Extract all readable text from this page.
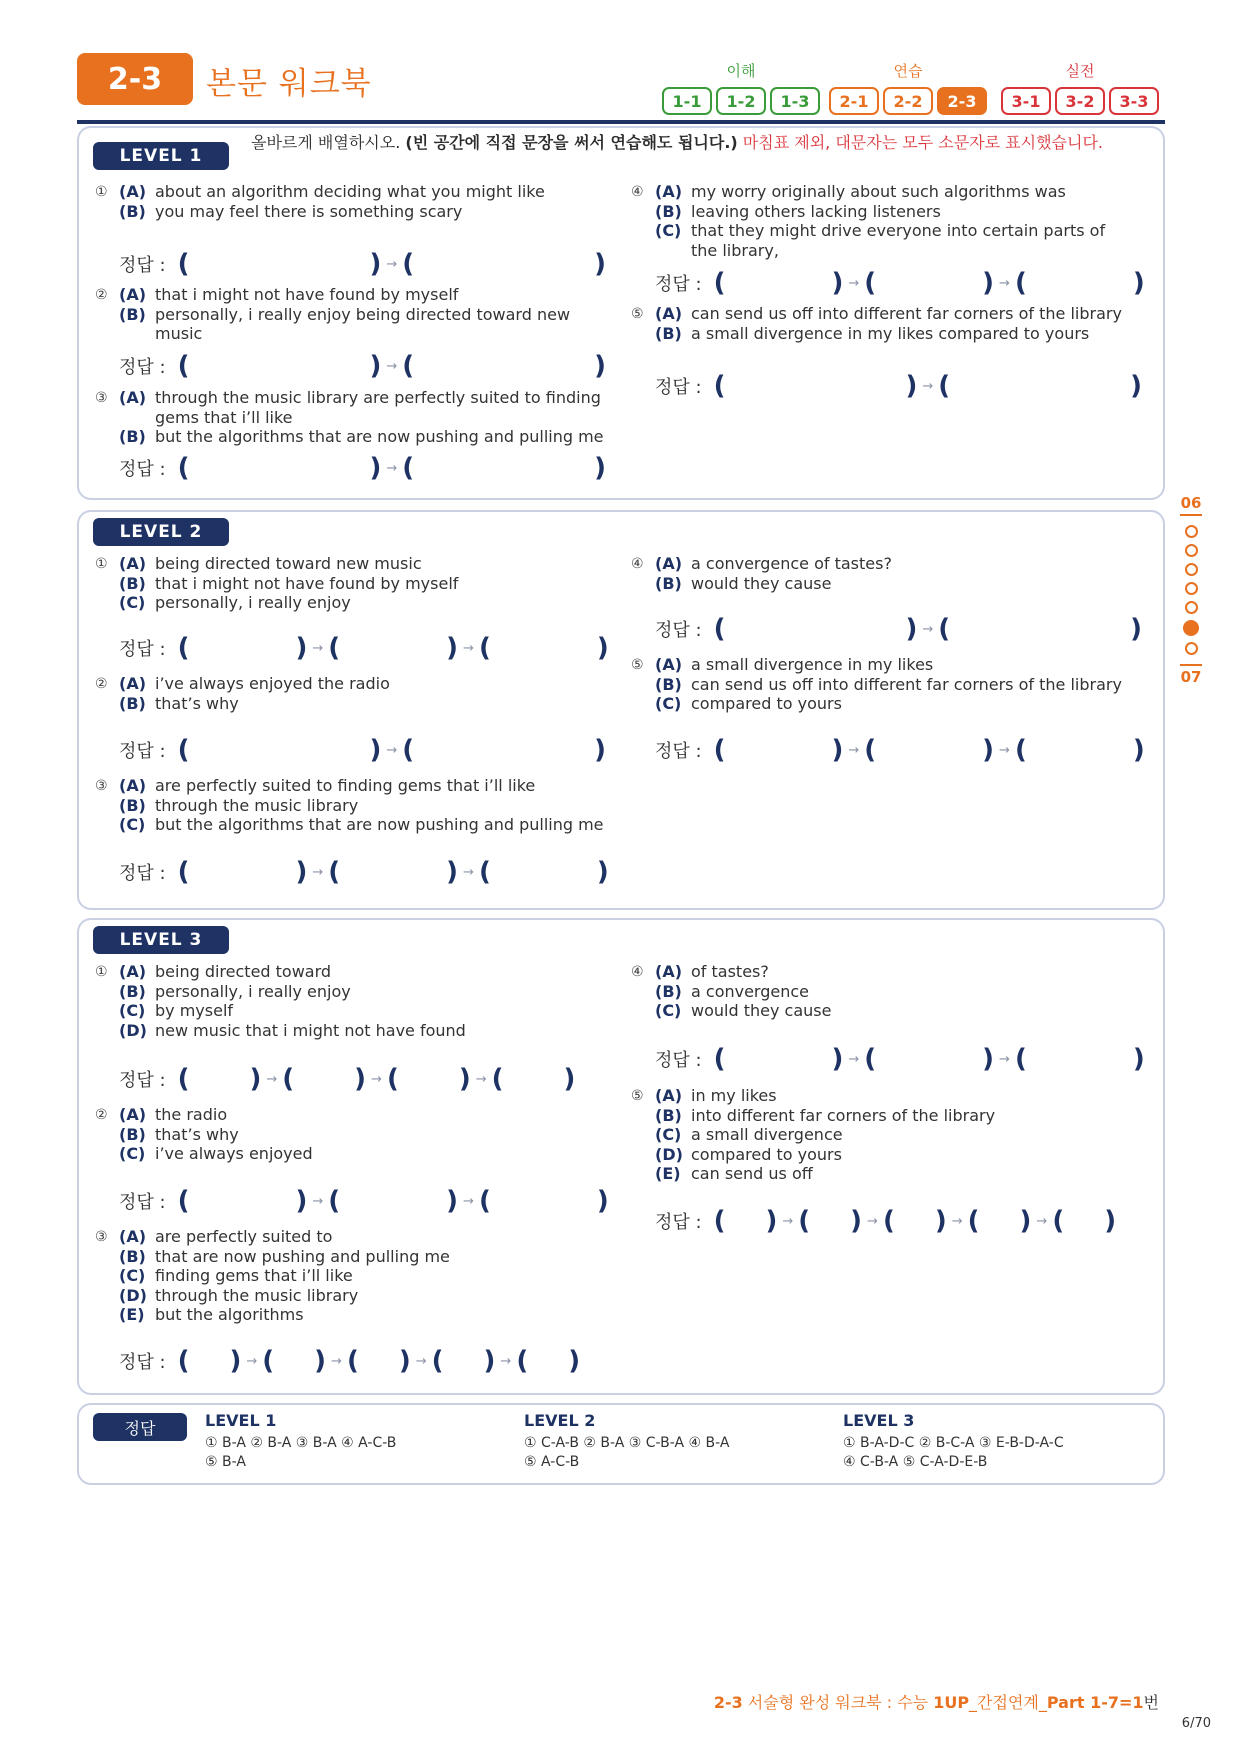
2-3	본문 워크북	이해
1-1	1-2	1-3
연습
2-1	2-2	2-3
실전
3-1	3-2	3-3
LEVEL 1
올바르게 배열하시오. (빈 공간에 직접 문장을 써서 연습해도 됩니다.) 마침표 제외, 대문자는 모두 소문자로 표시했습니다.
① (A) about an algorithm deciding what you might like
(B) you may feel there is something scary
정답 : (	) → (	)
② (A) that i might not have found by myself
(B) personally, i really enjoy being directed toward new music
정답 : (	) → (	)
③ (A) through the music library are perfectly suited to finding gems that i’ll like
(B) but the algorithms that are now pushing and pulling me
정답 : (	) → (	)
④ (A) my worry originally about such algorithms was
(B) leaving others lacking listeners
(C) that they might drive everyone into certain parts of the library,
정답 : (	) → (	) → (	)
⑤ (A) can send us off into different far corners of the library
(B) a small divergence in my likes compared to yours
정답 : (	) → (	)
LEVEL 2
① (A) being directed toward new music
(B) that i might not have found by myself
(C) personally, i really enjoy
정답 : (	) → (	) → (	)
② (A) i’ve always enjoyed the radio
(B) that’s why
정답 : (	) → (	)
③ (A) are perfectly suited to finding gems that i’ll like
(B) through the music library
(C) but the algorithms that are now pushing and pulling me
정답 : (	) → (	) → (	)
④ (A) a convergence of tastes?
(B) would they cause
정답 : (	) → (	)
⑤ (A) a small divergence in my likes
(B) can send us off into different far corners of the library
(C) compared to yours
정답 : (	) → (	) → (	)
LEVEL 3
① (A) being directed toward
(B) personally, i really enjoy
(C) by myself
(D) new music that i might not have found
정답 : ( ) → ( ) → ( ) → ( )
② (A) the radio
(B) that’s why
(C) i’ve always enjoyed
정답 : (	) → (	) → (	)
③ (A) are perfectly suited to
(B) that are now pushing and pulling me
(C) finding gems that i’ll like
(D) through the music library
(E) but the algorithms
정답 : ( ) → ( ) → ( ) → ( ) → ( )
④ (A) of tastes?
(B) a convergence
(C) would they cause
정답 : (	) → (	) → (	)
⑤ (A) in my likes
(B) into different far corners of the library
(C) a small divergence
(D) compared to yours
(E) can send us off
정답 : ( ) → ( ) → ( ) → ( ) → ( )
정답	LEVEL 1
① B-A ② B-A ③ B-A ④ A-C-B
⑤ B-A
LEVEL 2
① C-A-B ② B-A ③ C-B-A ④ B-A
⑤ A-C-B
LEVEL 3
① B-A-D-C ② B-C-A ③ E-B-D-A-C
④ C-B-A ⑤ C-A-D-E-B
06
07
2-3 서술형 완성 워크북 : 수능 1UP_간접연계_Part 1-7=1번
6/70
